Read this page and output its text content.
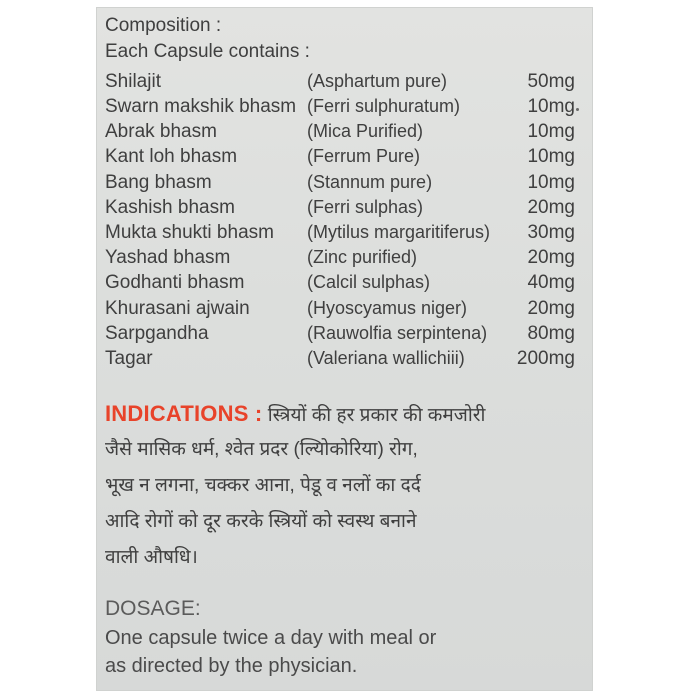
Composition :
Each Capsule contains :
Shilajit	(Asphartum pure)	50mg
Swarn makshik bhasm (Ferri sulphuratum)	10mg
Abrak bhasm	(Mica Purified)	10mg
Kant loh bhasm	(Ferrum Pure)	10mg
Bang bhasm	(Stannum pure)	10mg
Kashish bhasm	(Ferri sulphas)	20mg
Mukta shukti bhasm (Mytilus margaritiferus) 30mg
Yashad bhasm	(Zinc purified)	20mg
Godhanti bhasm	(Calcil sulphas)	40mg
Khurasani ajwain	(Hyoscyamus niger)	20mg
Sarpgandha	(Rauwolfia serpintena) 80mg
Tagar	(Valeriana wallichiii)	200mg
INDICATIONS : स्त्रियों की हर प्रकार की कमजोरी
जैसे मासिक धर्म, श्वेत प्रदर (ल्यिोकोरिया) रोग,
भूख न लगना, चक्कर आना, पेडू व नलों का दर्द
आदि रोगों को दूर करके स्त्रियों को स्वस्थ बनाने
वाली औषधि।
DOSAGE:
One capsule twice a day with meal or
as directed by the physician.
